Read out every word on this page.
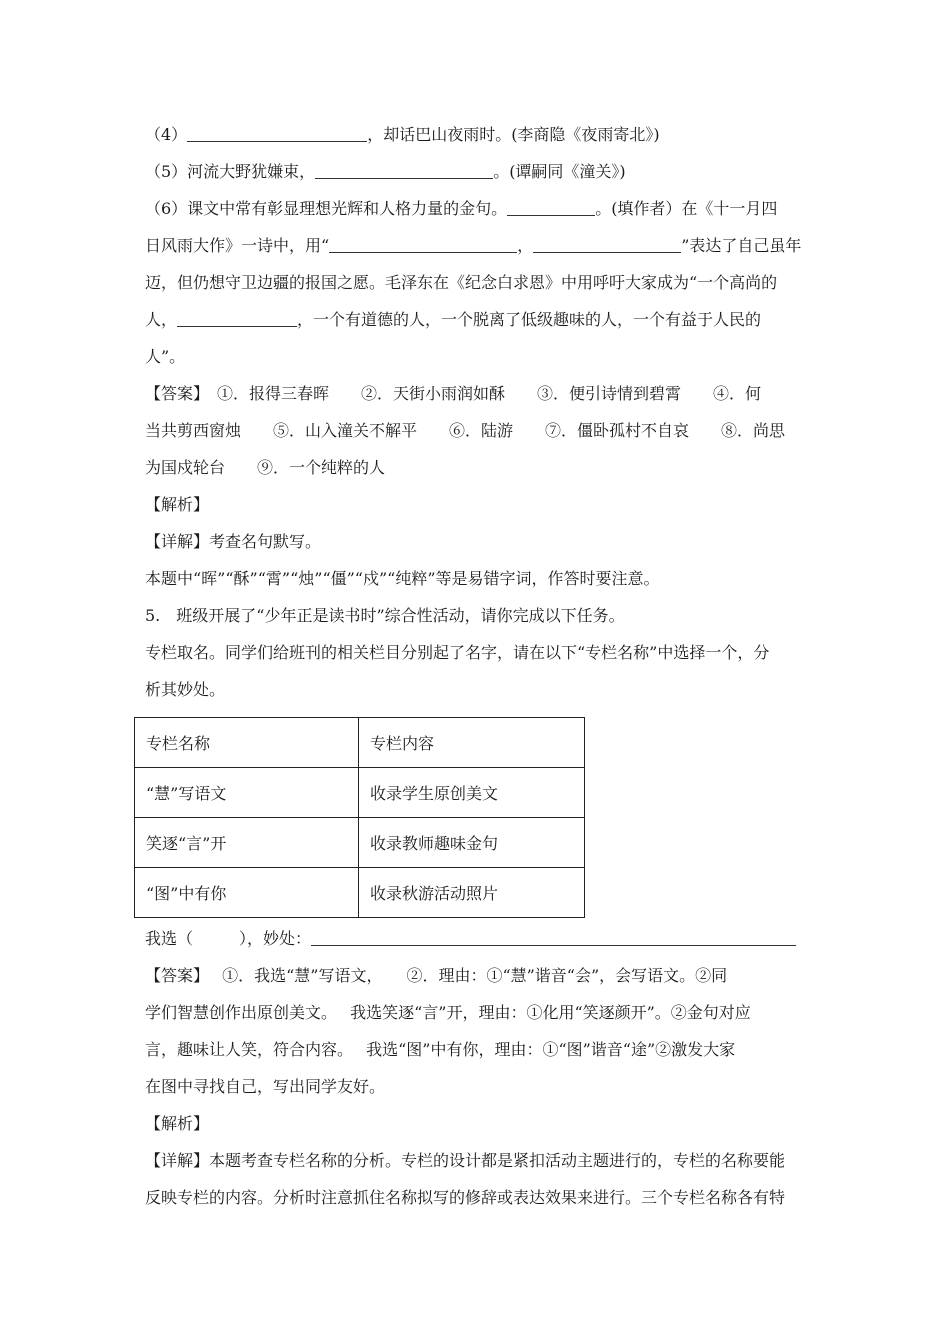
（4）	，却话巴山夜雨时。(李商隐《夜雨寄北》)
（5）河流大野犹嫌束，	。(谭嗣同《潼关》)
（6）课文中常有彰显理想光辉和人格力量的金句。	。(填作者）在《十一月四
日风雨大作》一诗中，用“	，	”表达了自己虽年
迈，但仍想守卫边疆的报国之愿。毛泽东在《纪念白求恩》中用呼吁大家成为“一个高尚的
人，	，一个有道德的人，一个脱离了低级趣味的人，一个有益于人民的
人”。
【答案】　①．报得三春晖　　②．天街小雨润如酥　　③．便引诗情到碧霄　　④．何
当共剪西窗烛　　⑤．山入潼关不解平　　⑥．陆游　　⑦．僵卧孤村不自哀　　⑧．尚思
为国戍轮台　　⑨．一个纯粹的人
【解析】
【详解】考查名句默写。
本题中“晖”“酥”“霄”“烛”“僵”“戍”“纯粹”等是易错字词，作答时要注意。
5.　班级开展了“少年正是读书时”综合性活动，请你完成以下任务。
专栏取名。同学们给班刊的相关栏目分别起了名字，请在以下“专栏名称”中选择一个，分
析其妙处。
专栏名称	专栏内容
“慧”写语文	收录学生原创美文
笑逐“言”开	收录教师趣味金句
“图”中有你	收录秋游活动照片
我选（	），妙处：
【答案】　 ①．我选“慧”写语文，　　②．理由：①“慧”谐音“会”，会写语文。②同
学们智慧创作出原创美文。　 我选笑逐“言”开，理由：①化用“笑逐颜开”。②金句对应
言，趣味让人笑，符合内容。　 我选“图”中有你，理由：①“图”谐音“途”②激发大家
在图中寻找自己，写出同学友好。
【解析】
【详解】本题考查专栏名称的分析。专栏的设计都是紧扣活动主题进行的，专栏的名称要能
反映专栏的内容。分析时注意抓住名称拟写的修辞或表达效果来进行。三个专栏名称各有特
